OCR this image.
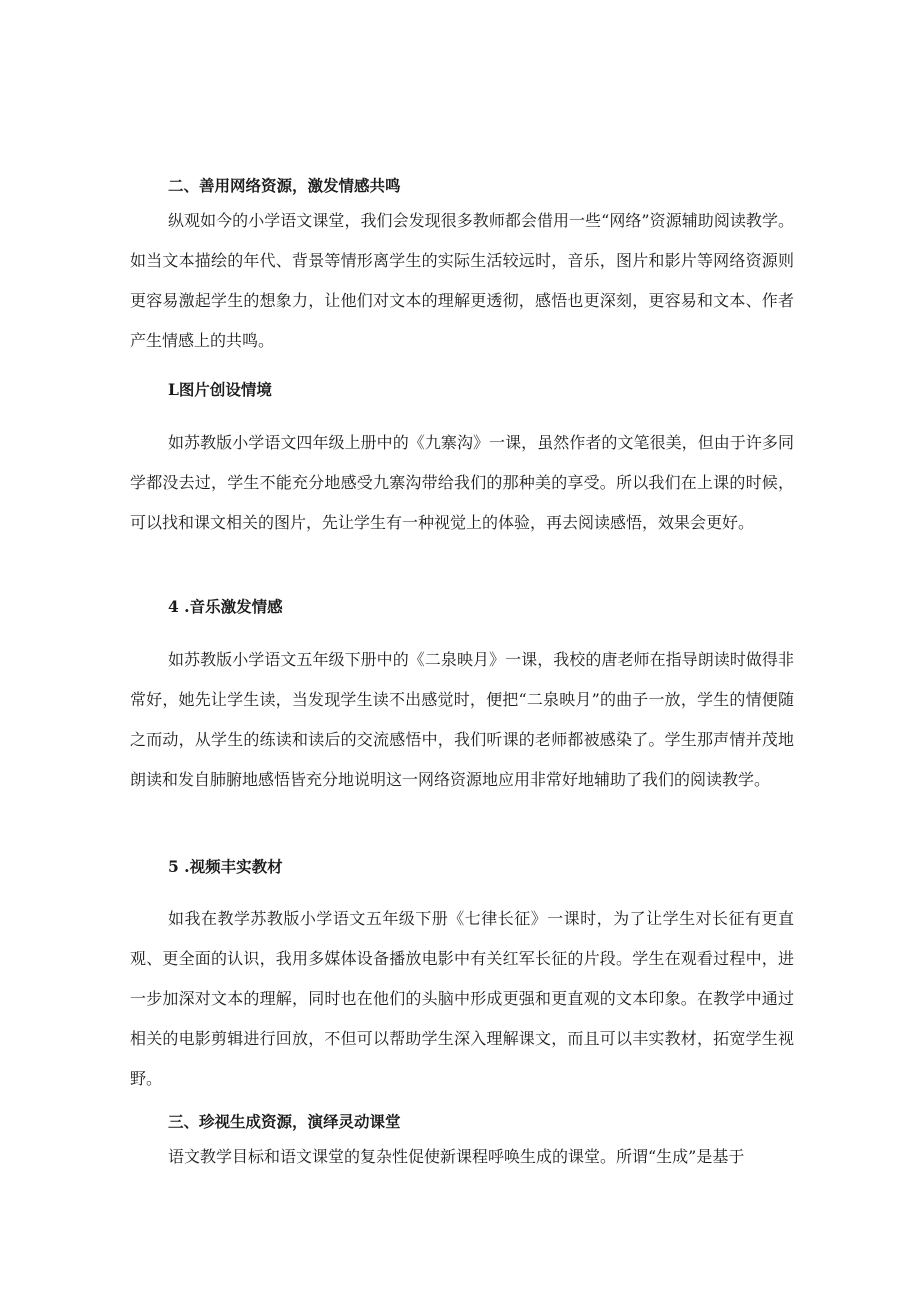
二、善用网络资源，激发情感共鸣
纵观如今的小学语文课堂，我们会发现很多教师都会借用一些“网络”资源辅助阅读教学。如当文本描绘的年代、背景等情形离学生的实际生活较远时，音乐，图片和影片等网络资源则更容易激起学生的想象力，让他们对文本的理解更透彻，感悟也更深刻，更容易和文本、作者产生情感上的共鸣。
L图片创设情境
如苏教版小学语文四年级上册中的《九寨沟》一课，虽然作者的文笔很美，但由于许多同学都没去过，学生不能充分地感受九寨沟带给我们的那种美的享受。所以我们在上课的时候，可以找和课文相关的图片，先让学生有一种视觉上的体验，再去阅读感悟，效果会更好。
4 .音乐激发情感
如苏教版小学语文五年级下册中的《二泉映月》一课，我校的唐老师在指导朗读时做得非常好，她先让学生读，当发现学生读不出感觉时，便把“二泉映月”的曲子一放，学生的情便随之而动，从学生的练读和读后的交流感悟中，我们听课的老师都被感染了。学生那声情并茂地朗读和发自肺腑地感悟皆充分地说明这一网络资源地应用非常好地辅助了我们的阅读教学。
5 .视频丰实教材
如我在教学苏教版小学语文五年级下册《七律长征》一课时，为了让学生对长征有更直观、更全面的认识，我用多媒体设备播放电影中有关红军长征的片段。学生在观看过程中，进一步加深对文本的理解，同时也在他们的头脑中形成更强和更直观的文本印象。在教学中通过相关的电影剪辑进行回放，不但可以帮助学生深入理解课文，而且可以丰实教材，拓宽学生视野。
三、珍视生成资源，演绎灵动课堂
语文教学目标和语文课堂的复杂性促使新课程呼唤生成的课堂。所谓“生成”是基于
